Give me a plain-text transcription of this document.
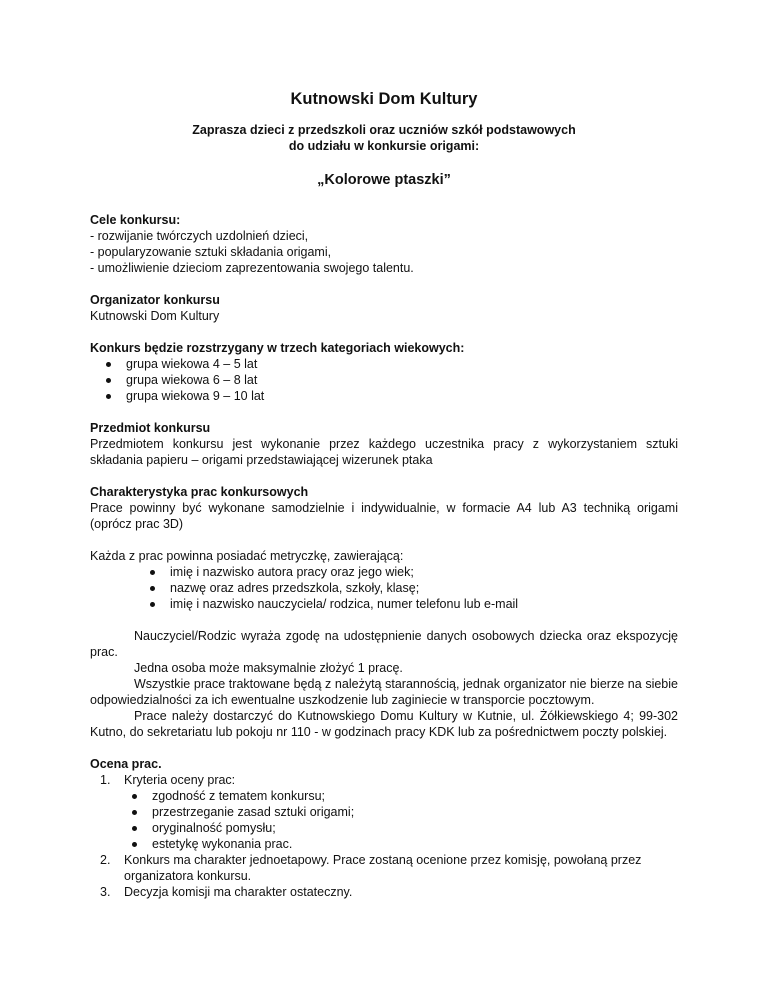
Kutnowski Dom Kultury

Zaprasza dzieci z przedszkoli oraz uczniów szkół podstawowych

do udziału w konkursie origami:

„Kolorowe ptaszki”

Cele konkursu:

- rozwijanie twórczych uzdolnień dzieci,

- popularyzowanie sztuki składania origami,

- umożliwienie dzieciom zaprezentowania swojego talentu.

Organizator konkursu

Kutnowski Dom Kultury

Konkurs będzie rozstrzygany w trzech kategoriach wiekowych:

grupa wiekowa 4 – 5 lat
grupa wiekowa 6 – 8 lat
grupa wiekowa 9 – 10 lat

Przedmiot konkursu

Przedmiotem konkursu jest wykonanie przez każdego uczestnika pracy z wykorzystaniem sztuki składania papieru – origami przedstawiającej wizerunek ptaka

Charakterystyka prac konkursowych

Prace powinny być wykonane samodzielnie i indywidualnie, w formacie A4 lub A3 techniką origami (oprócz prac 3D)

Każda z prac powinna posiadać metryczkę, zawierającą:

imię i nazwisko autora pracy oraz jego wiek;
nazwę oraz adres przedszkola, szkoły, klasę;
imię i nazwisko nauczyciela/ rodzica, numer telefonu lub e-mail

Nauczyciel/Rodzic wyraża zgodę na udostępnienie danych osobowych dziecka oraz ekspozycję prac.

Jedna osoba może maksymalnie złożyć 1 pracę.

Wszystkie prace traktowane będą z należytą starannością, jednak organizator nie bierze na siebie odpowiedzialności za ich ewentualne uszkodzenie lub zaginiecie w transporcie pocztowym.

Prace należy dostarczyć do Kutnowskiego Domu Kultury w Kutnie, ul. Żółkiewskiego 4; 99-302 Kutno, do sekretariatu lub pokoju nr 110 - w godzinach pracy KDK lub za pośrednictwem poczty polskiej.

Ocena prac.

1. Kryteria oceny prac:
zgodność z tematem konkursu;
przestrzeganie zasad sztuki origami;
oryginalność pomysłu;
estetykę wykonania prac.
2. Konkurs ma charakter jednoetapowy. Prace zostaną ocenione przez komisję, powołaną przez organizatora konkursu.
3. Decyzja komisji ma charakter ostateczny.
